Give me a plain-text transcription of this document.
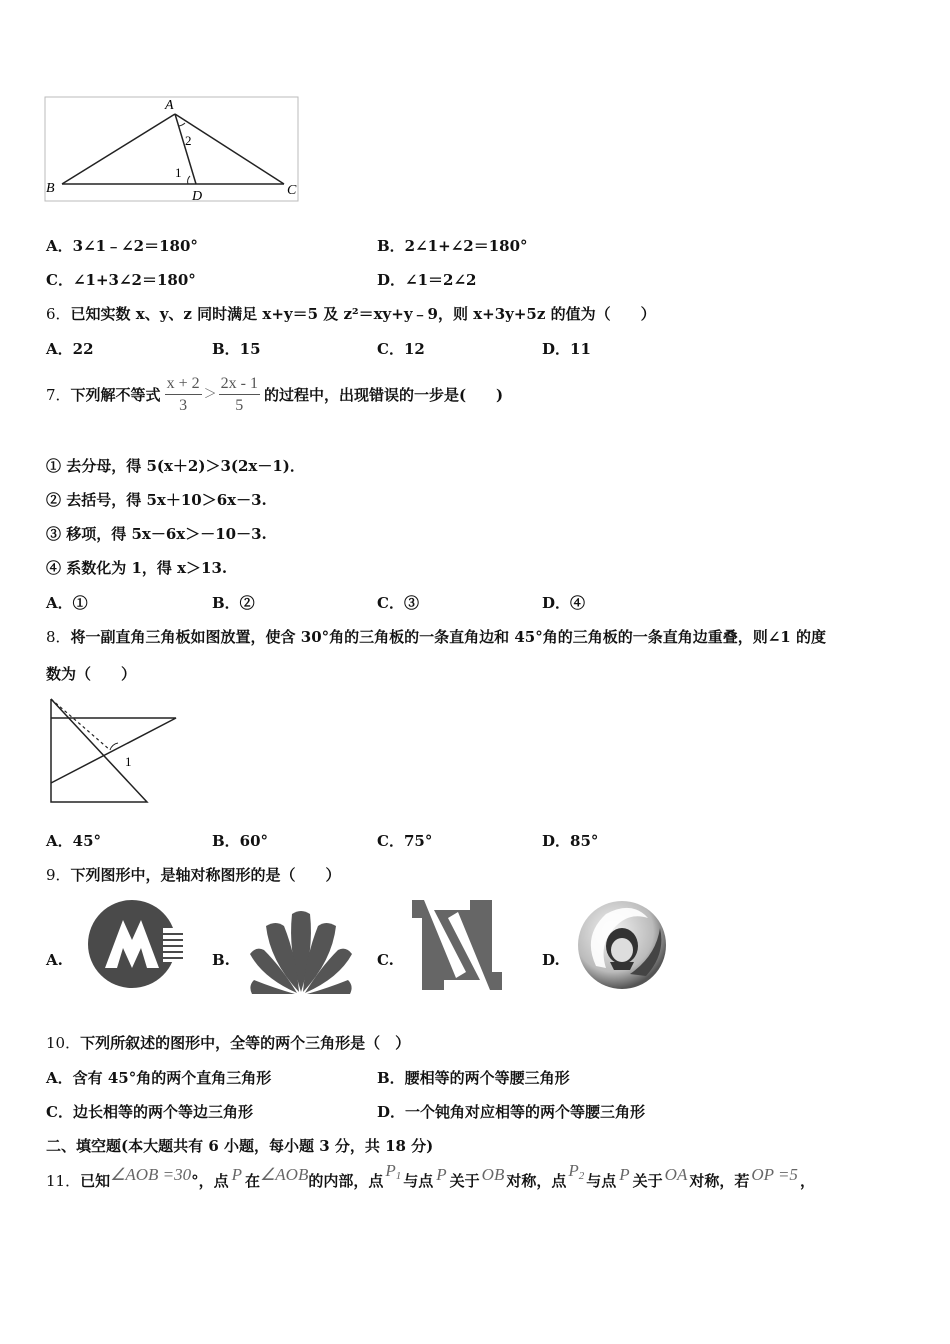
A
B	C
D
1
2
A．3∠1﹣∠2＝180°	B．2∠1+∠2＝180°
C．∠1+3∠2＝180°	D．∠1＝2∠2
6．已知实数 x、y、z 同时满足 x+y＝5 及 z²＝xy+y﹣9，则 x+3y+5z 的值为（　　）
A．22	B．15	C．12	D．11
7． 下列解不等式 $\frac{x + 2}{3} > \frac{2x - 1}{5}$ 的过程中，出现错误的一步是(　　)
① 去分母，得 5(x＋2)＞3(2x－1)．
② 去括号，得 5x＋10＞6x－3.
③ 移项，得 5x－6x＞－10－3.
④ 系数化为 1，得 x＞13.
A．①	B．②	C．③	D．④
8．将一副直角三角板如图放置，使含 30°角的三角板的一条直角边和 45°角的三角板的一条直角边重叠，则∠1 的度
数为（　　）
1
A．45°	B．60°	C．75°	D．85°
9．下列图形中，是轴对称图形的是（　　）
A.	B.	C.	D.
10．下列所叙述的图形中，全等的两个三角形是（　）
A．含有 45°角的两个直角三角形	B．腰相等的两个等腰三角形
C．边长相等的两个等边三角形	D．一个钝角对应相等的两个等腰三角形
二、填空题(本大题共有 6 小题，每小题 3 分，共 18 分)
11． 已知 ∠AOB =30 °，点 P 在 ∠AOB 的内部，点
P1 与点 P 关于 OB 对称，点
P2 与点 P 关于 OA 对称，若 OP =5 ，
